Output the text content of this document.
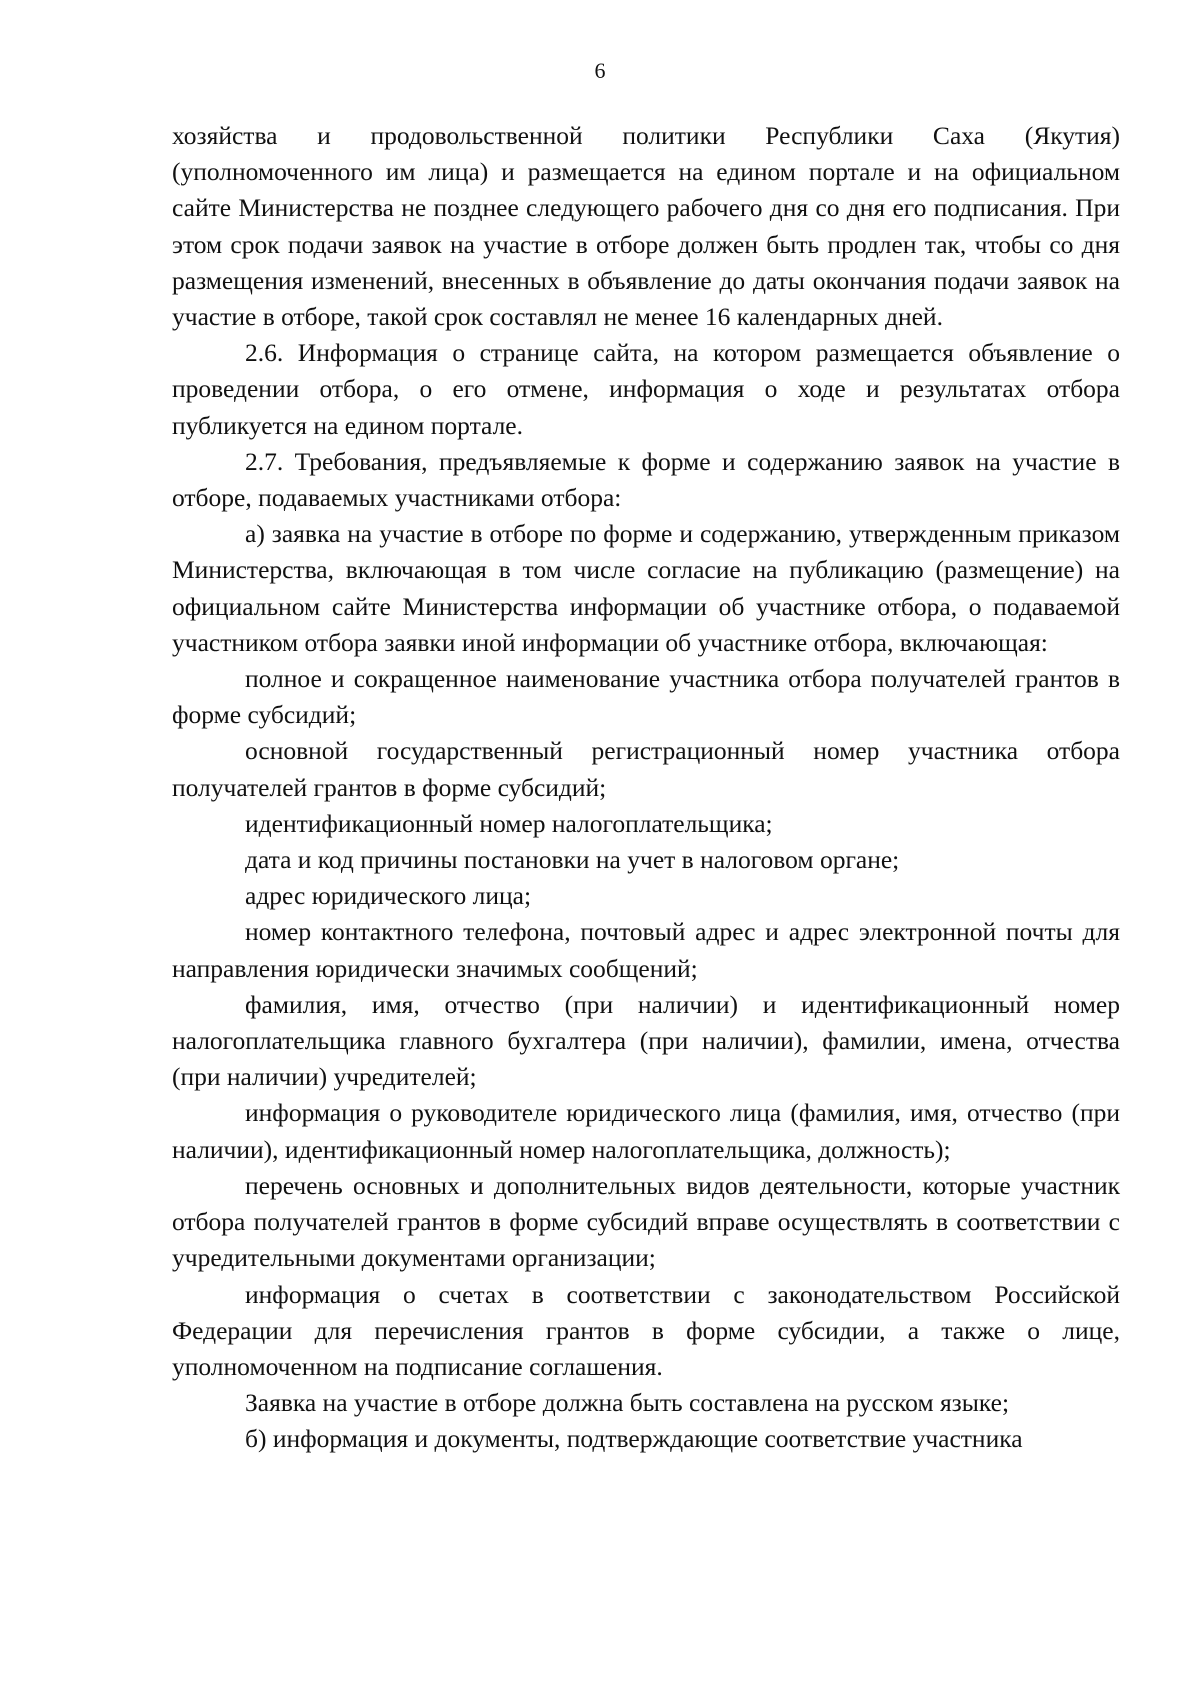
6

хозяйства и продовольственной политики Республики Саха (Якутия) (уполномоченного им лица) и размещается на едином портале и на официальном сайте Министерства не позднее следующего рабочего дня со дня его подписания. При этом срок подачи заявок на участие в отборе должен быть продлен так, чтобы со дня размещения изменений, внесенных в объявление до даты окончания подачи заявок на участие в отборе, такой срок составлял не менее 16 календарных дней.

2.6. Информация о странице сайта, на котором размещается объявление о проведении отбора, о его отмене, информация о ходе и результатах отбора публикуется на едином портале.

2.7. Требования, предъявляемые к форме и содержанию заявок на участие в отборе, подаваемых участниками отбора:

а) заявка на участие в отборе по форме и содержанию, утвержденным приказом Министерства, включающая в том числе согласие на публикацию (размещение) на официальном сайте Министерства информации об участнике отбора, о подаваемой участником отбора заявки иной информации об участнике отбора, включающая:

полное и сокращенное наименование участника отбора получателей грантов в форме субсидий;

основной государственный регистрационный номер участника отбора получателей грантов в форме субсидий;

идентификационный номер налогоплательщика;

дата и код причины постановки на учет в налоговом органе;

адрес юридического лица;

номер контактного телефона, почтовый адрес и адрес электронной почты для направления юридически значимых сообщений;

фамилия, имя, отчество (при наличии) и идентификационный номер налогоплательщика главного бухгалтера (при наличии), фамилии, имена, отчества (при наличии) учредителей;

информация о руководителе юридического лица (фамилия, имя, отчество (при наличии), идентификационный номер налогоплательщика, должность);

перечень основных и дополнительных видов деятельности, которые участник отбора получателей грантов в форме субсидий вправе осуществлять в соответствии с учредительными документами организации;

информация о счетах в соответствии с законодательством Российской Федерации для перечисления грантов в форме субсидии, а также о лице, уполномоченном на подписание соглашения.

Заявка на участие в отборе должна быть составлена на русском языке;

б) информация и документы, подтверждающие соответствие участника
